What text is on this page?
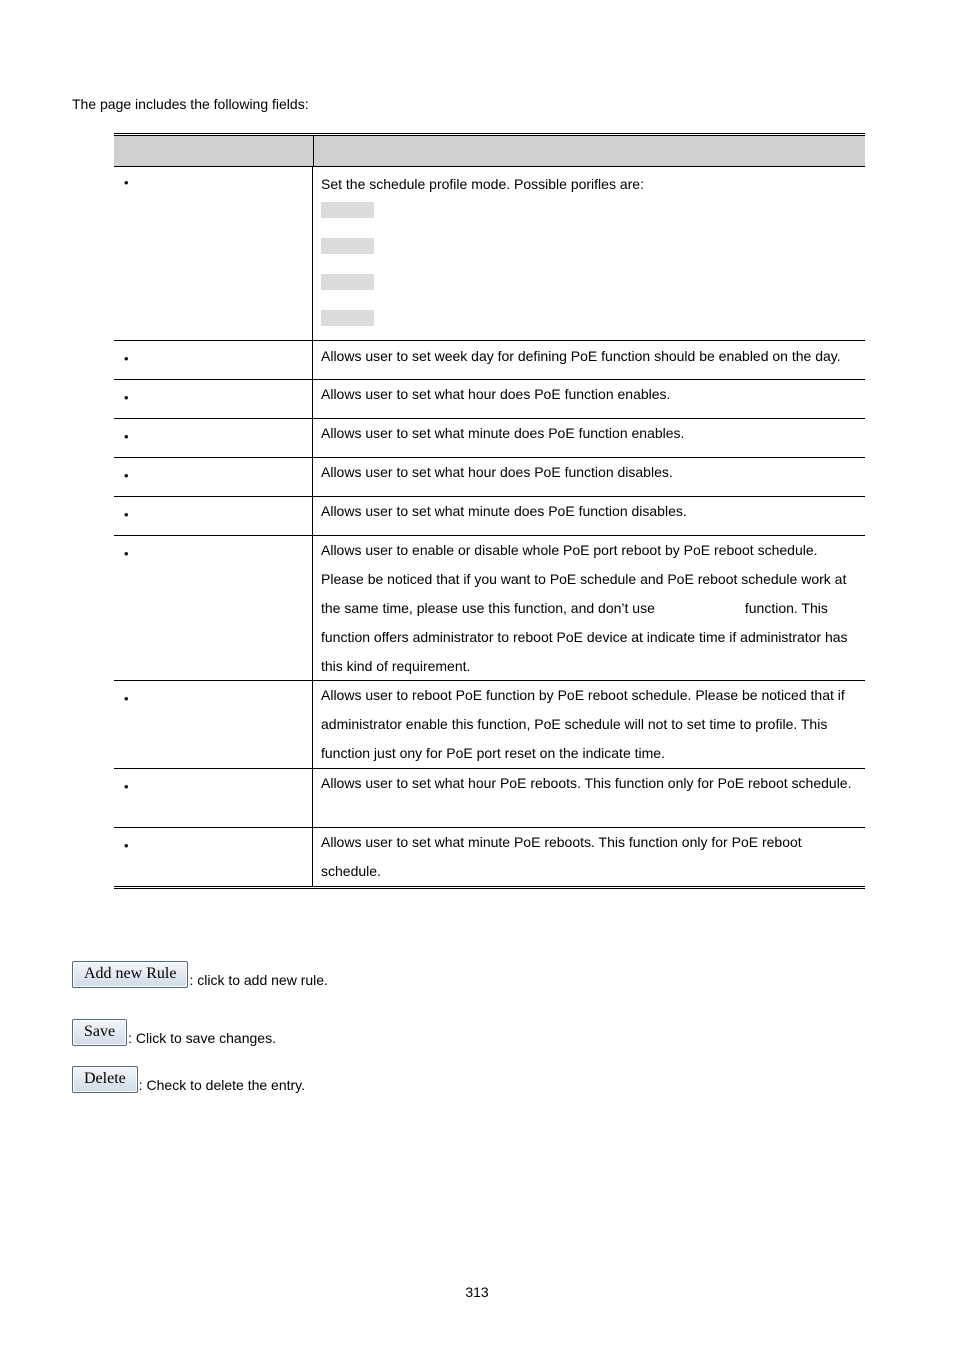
The page includes the following fields:
•	Set the schedule profile mode. Possible porifles are:
•	Allows user to set week day for defining PoE function should be enabled on the day.
•	Allows user to set what hour does PoE function enables.
•	Allows user to set what minute does PoE function enables.
•	Allows user to set what hour does PoE function disables.
•	Allows user to set what minute does PoE function disables.
•	Allows user to enable or disable whole PoE port reboot by PoE reboot schedule. Please be noticed that if you want to PoE schedule and PoE reboot schedule work at the same time, please use this function, and don’t use	function. This function offers administrator to reboot PoE device at indicate time if administrator has this kind of requirement.
•	Allows user to reboot PoE function by PoE reboot schedule. Please be noticed that if administrator enable this function, PoE schedule will not to set time to profile. This function just ony for PoE port reset on the indicate time.
•	Allows user to set what hour PoE reboots. This function only for PoE reboot schedule.
•	Allows user to set what minute PoE reboots. This function only for PoE reboot schedule.
Add new Rule : click to add new rule.
Save : Click to save changes.
Delete : Check to delete the entry.
313
